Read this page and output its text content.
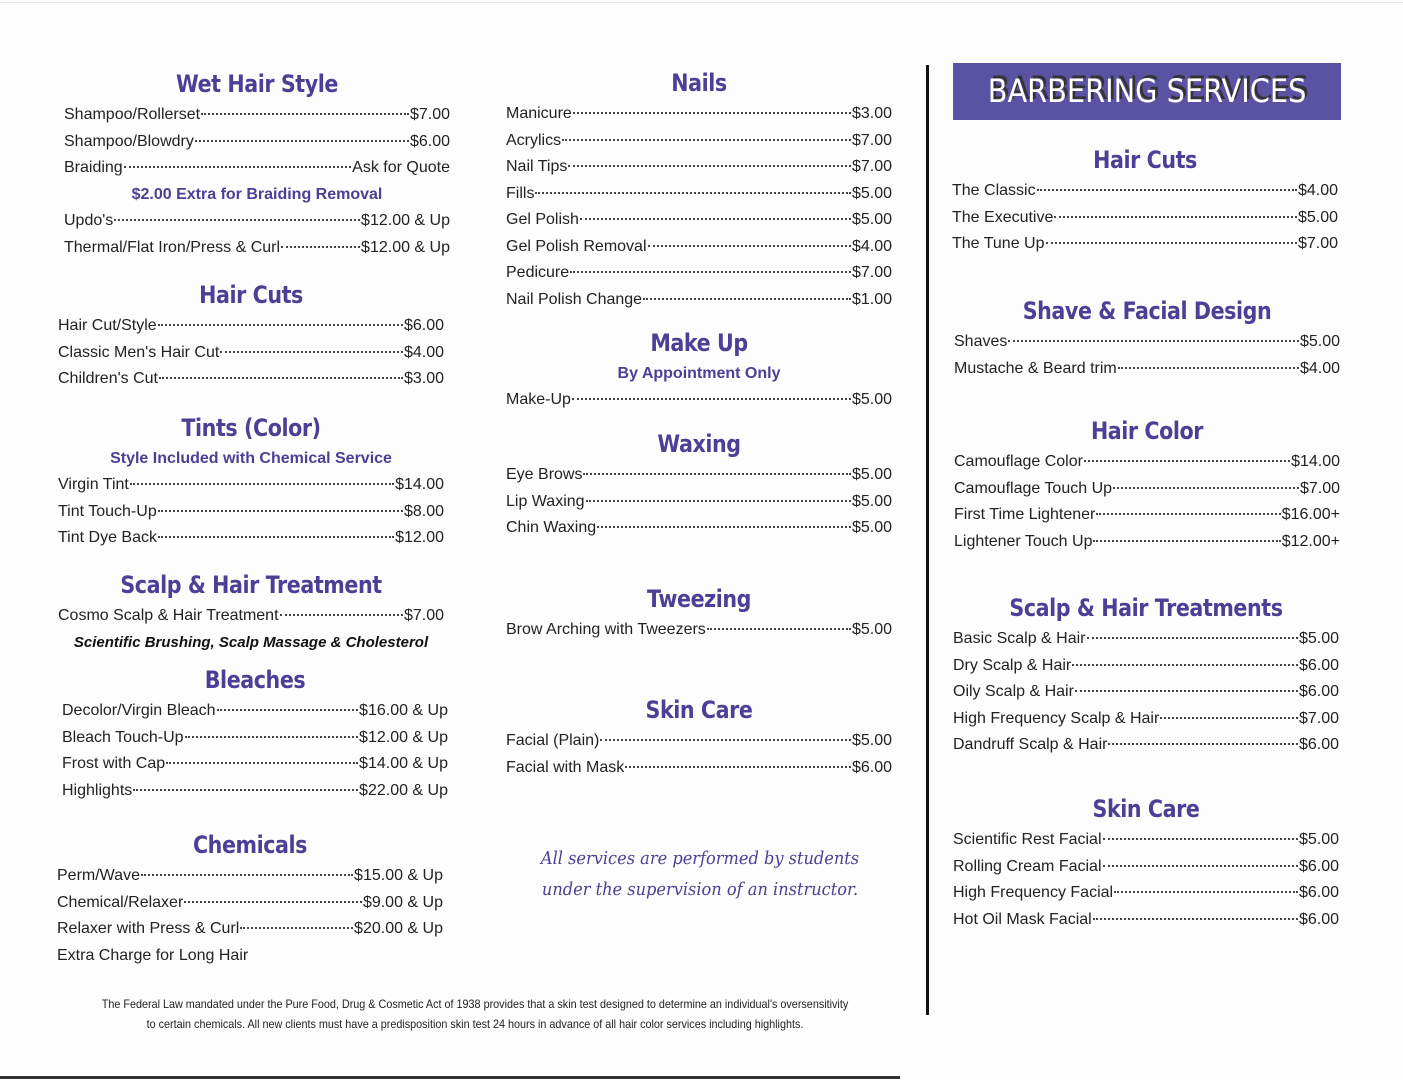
Wet Hair Style
Shampoo/Rollerset	$7.00
Shampoo/Blowdry	$6.00
Braiding	Ask for Quote
$2.00 Extra for Braiding Removal
Updo's	$12.00 & Up
Thermal/Flat Iron/Press & Curl	$12.00 & Up
Hair Cuts
Hair Cut/Style	$6.00
Classic Men's Hair Cut	$4.00
Children's Cut	$3.00
Tints (Color)
Style Included with Chemical Service
Virgin Tint	$14.00
Tint Touch-Up	$8.00
Tint Dye Back	$12.00
Scalp & Hair Treatment
Cosmo Scalp & Hair Treatment	$7.00
Scientific Brushing, Scalp Massage & Cholesterol
Bleaches
Decolor/Virgin Bleach	$16.00 & Up
Bleach Touch-Up	$12.00 & Up
Frost with Cap	$14.00 & Up
Highlights	$22.00 & Up
Chemicals
Perm/Wave	$15.00 & Up
Chemical/Relaxer	$9.00 & Up
Relaxer with Press & Curl	$20.00 & Up
Extra Charge for Long Hair
Nails
Manicure	$3.00
Acrylics	$7.00
Nail Tips	$7.00
Fills	$5.00
Gel Polish	$5.00
Gel Polish Removal	$4.00
Pedicure	$7.00
Nail Polish Change	$1.00
Make Up
By Appointment Only
Make-Up	$5.00
Waxing
Eye Brows	$5.00
Lip Waxing	$5.00
Chin Waxing	$5.00
Tweezing
Brow Arching with Tweezers	$5.00
Skin Care
Facial (Plain)	$5.00
Facial with Mask	$6.00
All services are performed by students
under the supervision of an instructor.
BARBERING SERVICES
Hair Cuts
The Classic	$4.00
The Executive	$5.00
The Tune Up	$7.00
Shave & Facial Design
Shaves	$5.00
Mustache & Beard trim	$4.00
Hair Color
Camouflage Color	$14.00
Camouflage Touch Up	$7.00
First Time Lightener	$16.00+
Lightener Touch Up	$12.00+
Scalp & Hair Treatments
Basic Scalp & Hair	$5.00
Dry Scalp & Hair	$6.00
Oily Scalp & Hair	$6.00
High Frequency Scalp & Hair	$7.00
Dandruff Scalp & Hair	$6.00
Skin Care
Scientific Rest Facial	$5.00
Rolling Cream Facial	$6.00
High Frequency Facial	$6.00
Hot Oil Mask Facial	$6.00
The Federal Law mandated under the Pure Food, Drug & Cosmetic Act of 1938 provides that a skin test designed to determine an individual's oversensitivity
to certain chemicals. All new clients must have a predisposition skin test 24 hours in advance of all hair color services including highlights.
